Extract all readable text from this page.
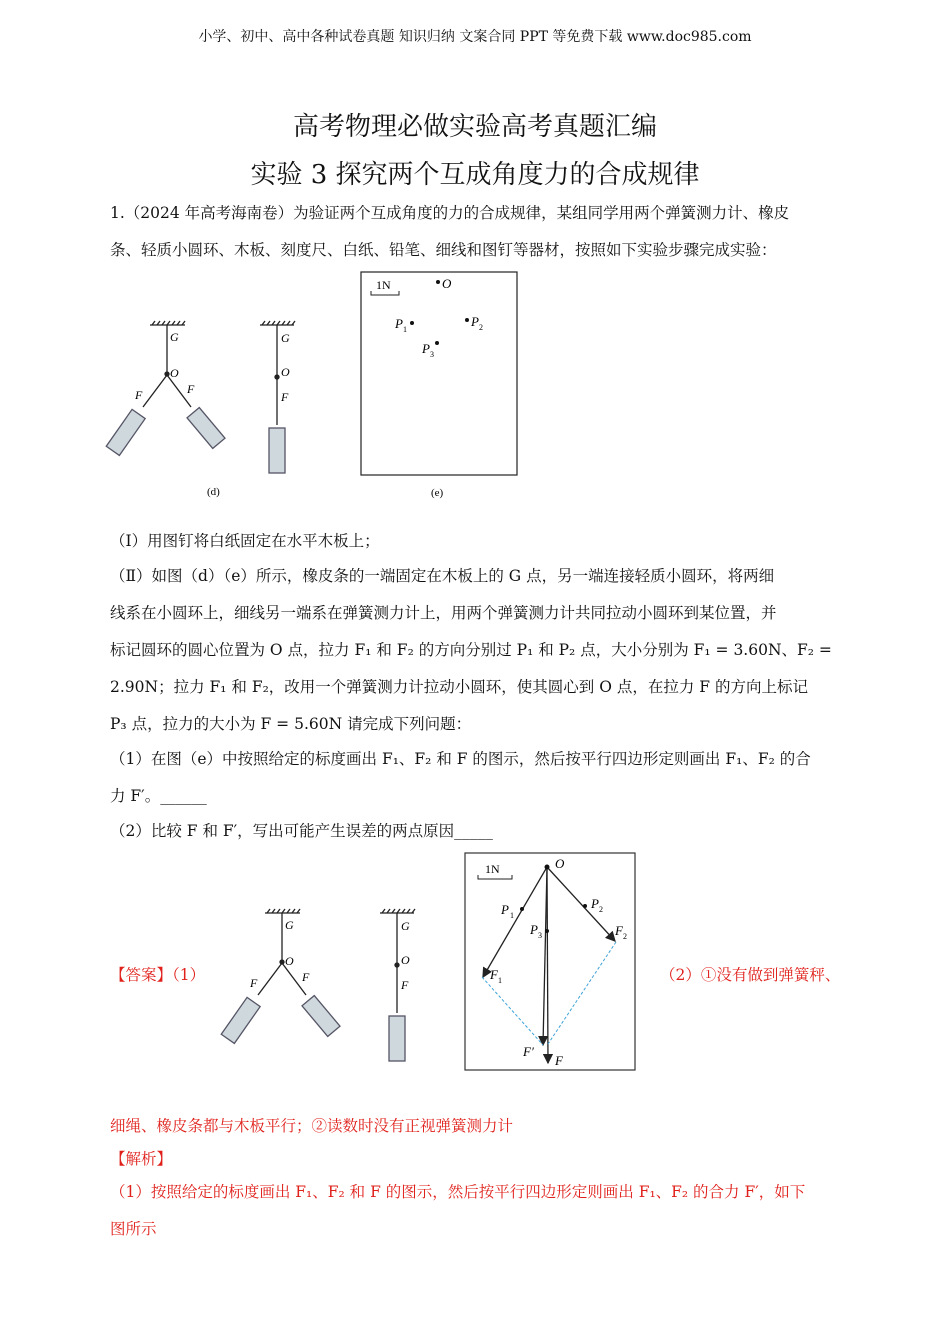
小学、初中、高中各种试卷真题 知识归纳 文案合同 PPT 等免费下载 www.doc985.com
高考物理必做实验高考真题汇编
实验 3 探究两个互成角度力的合成规律
1.（2024 年高考海南卷）为验证两个互成角度的力的合成规律，某组同学用两个弹簧测力计、橡皮
条、轻质小圆环、木板、刻度尺、白纸、铅笔、细线和图钉等器材，按照如下实验步骤完成实验：
G
O
F	F
(d)
G
O
F
1N	O
P 1
P 2
P 3
(e)
（Ⅰ）用图钉将白纸固定在水平木板上；
（Ⅱ）如图（d）（e）所示，橡皮条的一端固定在木板上的 G 点，另一端连接轻质小圆环，将两细
线系在小圆环上，细线另一端系在弹簧测力计上，用两个弹簧测力计共同拉动小圆环到某位置，并
标记圆环的圆心位置为 O 点，拉力 F₁ 和 F₂ 的方向分别过 P₁ 和 P₂ 点，大小分别为 F₁ = 3.60N、F₂ =
2.90N；拉力 F₁ 和 F₂，改用一个弹簧测力计拉动小圆环，使其圆心到 O 点，在拉力 F 的方向上标记
P₃ 点，拉力的大小为 F = 5.60N 请完成下列问题：
（1）在图（e）中按照给定的标度画出 F₁、F₂ 和 F 的图示，然后按平行四边形定则画出 F₁、F₂ 的合
力 F′。______
（2）比较 F 和 F′，写出可能产生误差的两点原因_____
【答案】（1）
G
O
F	F
G
O
F
1N	O
P 1
P 2
P 3
F 1
F 2
F′
F
（2）①没有做到弹簧秤、
细绳、橡皮条都与木板平行；②读数时没有正视弹簧测力计
【解析】
（1）按照给定的标度画出 F₁、F₂ 和 F 的图示，然后按平行四边形定则画出 F₁、F₂ 的合力 F′，如下
图所示
